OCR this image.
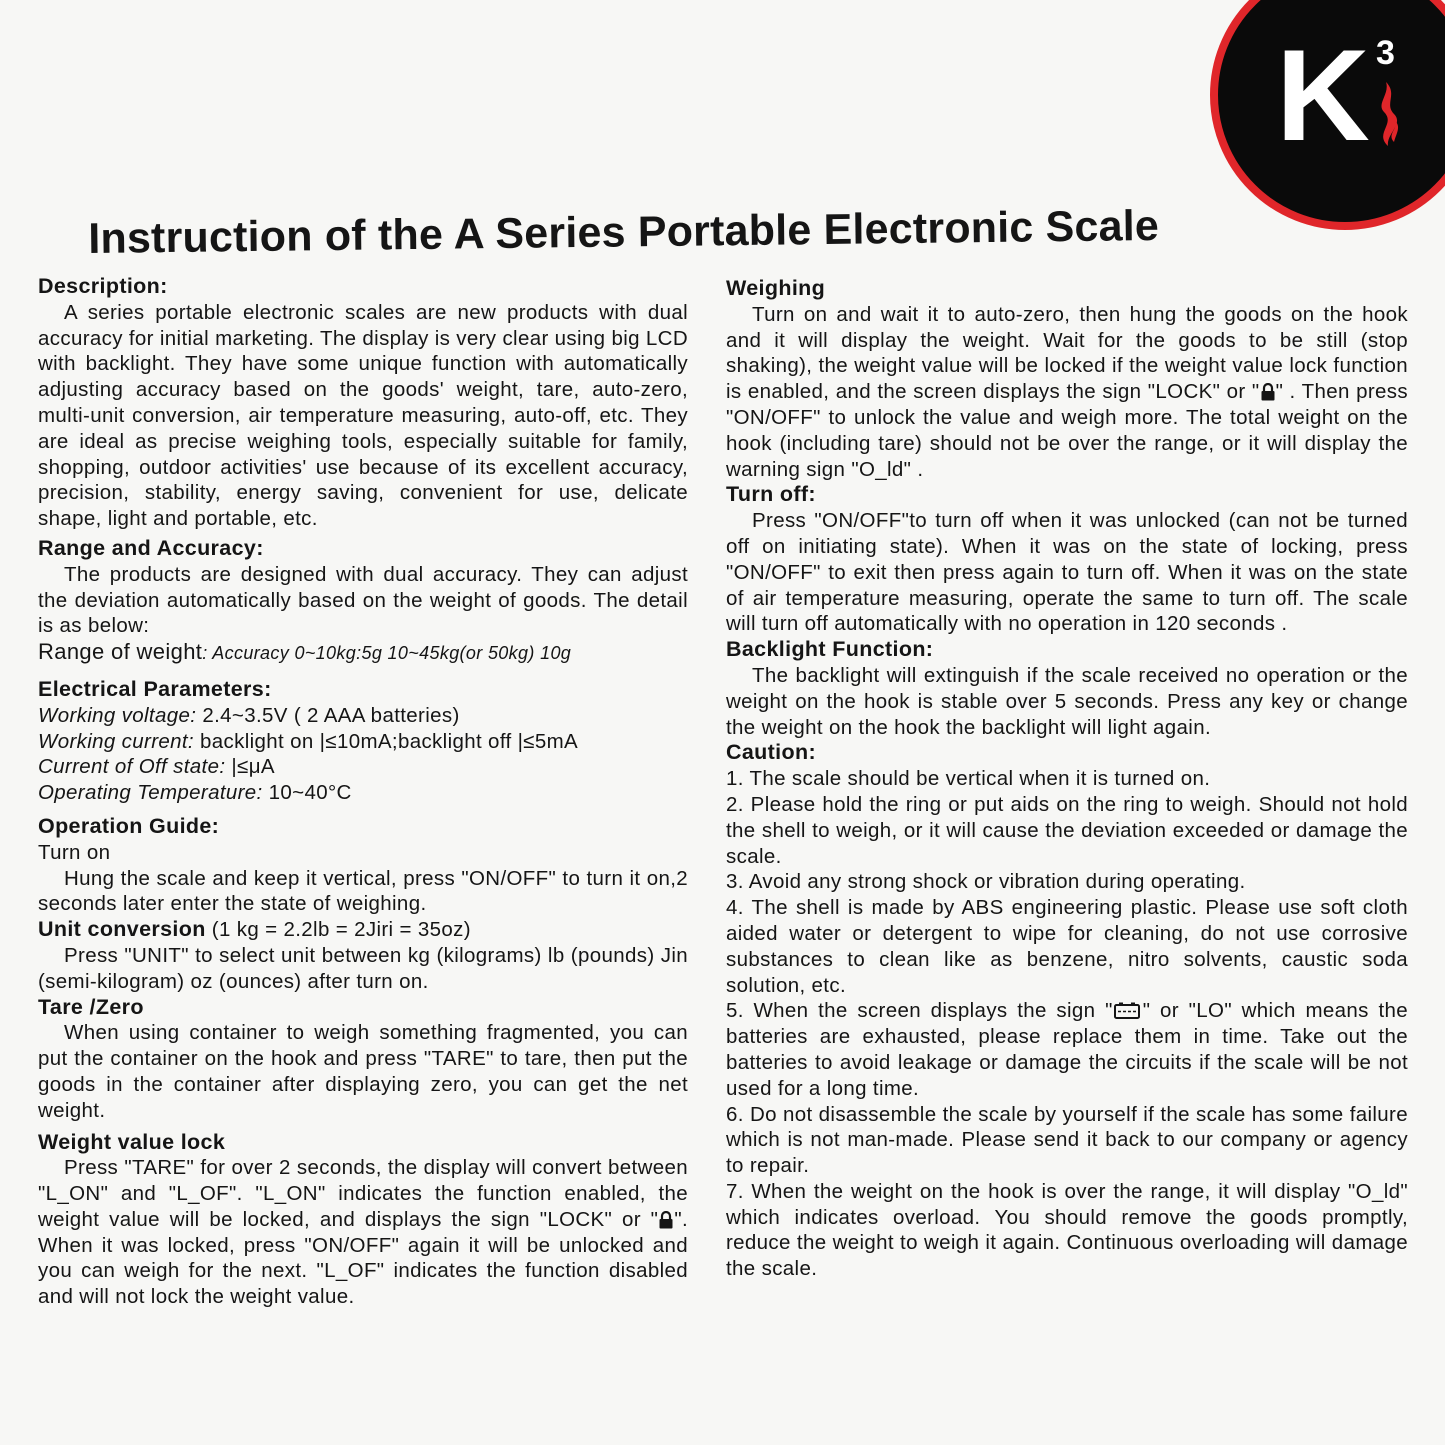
K 3
Instruction of the A Series Portable Electronic Scale

Description:

A series portable electronic scales are new products with dual accuracy for initial marketing. The display is very clear using big LCD with backlight. They have some unique function with automatically adjusting accuracy based on the goods' weight, tare, auto-zero, multi-unit conversion, air temperature measuring, auto-off, etc. They are ideal as precise weighing tools, especially suitable for family, shopping, outdoor activities' use because of its excellent accuracy, precision, stability, energy saving, convenient for use, delicate shape, light and portable, etc.

Range and Accuracy:

The products are designed with dual accuracy. They can adjust the deviation automatically based on the weight of goods. The detail is as below:

Range of weight: Accuracy 0~10kg:5g 10~45kg(or 50kg) 10g

Electrical Parameters:

Working voltage: 2.4~3.5V ( 2 AAA batteries)

Working current: backlight on |≤10mA;backlight off |≤5mA

Current of Off state: |≤μA

Operating Temperature: 10~40°C

Operation Guide:

Turn on

Hung the scale and keep it vertical, press "ON/OFF" to turn it on,2 seconds later enter the state of weighing.

Unit conversion (1 kg = 2.2lb = 2Jiri = 35oz)

Press "UNIT" to select unit between kg (kilograms) lb (pounds) Jin (semi-kilogram) oz (ounces) after turn on.

Tare /Zero

When using container to weigh something fragmented, you can put the container on the hook and press "TARE" to tare, then put the goods in the container after displaying zero, you can get the net weight.

Weight value lock

Press "TARE" for over 2 seconds, the display will convert between "L_ON" and "L_OF". "L_ON" indicates the function enabled, the weight value will be locked, and displays the sign "LOCK" or " ". When it was locked, press "ON/OFF" again it will be unlocked and you can weigh for the next. "L_OF" indicates the function disabled and will not lock the weight value.

Weighing

Turn on and wait it to auto-zero, then hung the goods on the hook and it will display the weight. Wait for the goods to be still (stop shaking), the weight value will be locked if the weight value lock function is enabled, and the screen displays the sign "LOCK" or " " . Then press "ON/OFF" to unlock the value and weigh more. The total weight on the hook (including tare) should not be over the range, or it will display the warning sign "O_ld" .

Turn off:

Press "ON/OFF"to turn off when it was unlocked (can not be turned off on initiating state). When it was on the state of locking, press "ON/OFF" to exit then press again to turn off. When it was on the state of air temperature measuring, operate the same to turn off. The scale will turn off automatically with no operation in 120 seconds .

Backlight Function:

The backlight will extinguish if the scale received no operation or the weight on the hook is stable over 5 seconds. Press any key or change the weight on the hook the backlight will light again.

Caution:

1. The scale should be vertical when it is turned on.

2. Please hold the ring or put aids on the ring to weigh. Should not hold the shell to weigh, or it will cause the deviation exceeded or damage the scale.

3. Avoid any strong shock or vibration during operating.

4. The shell is made by ABS engineering plastic. Please use soft cloth aided water or detergent to wipe for cleaning, do not use corrosive substances to clean like as benzene, nitro solvents, caustic soda solution, etc.

5. When the screen displays the sign " " or "LO" which means the batteries are exhausted, please replace them in time. Take out the batteries to avoid leakage or damage the circuits if the scale will be not used for a long time.

6. Do not disassemble the scale by yourself if the scale has some failure which is not man-made. Please send it back to our company or agency to repair.

7. When the weight on the hook is over the range, it will display "O_ld" which indicates overload. You should remove the goods promptly, reduce the weight to weigh it again. Continuous overloading will damage the scale.
